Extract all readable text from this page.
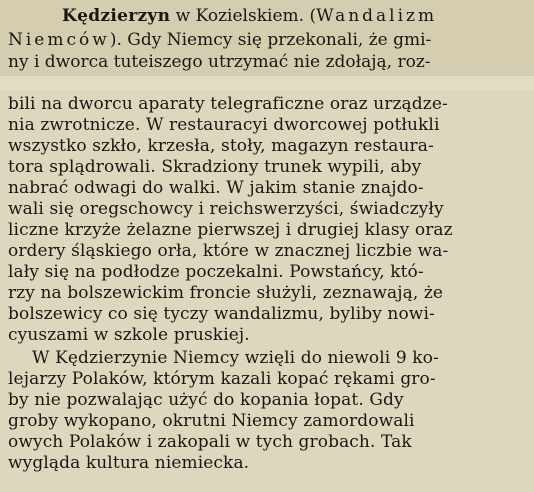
Kędzierzyn w Kozielskiem. (Wandalizm
Niemców). Gdy Niemcy się przekonali, że gmi-
ny i dworca tuteiszego utrzymać nie zdołają, roz-
bili na dworcu aparaty telegraficzne oraz urządze-
nia zwrotnicze. W restauracyi dworcowej potłukli
wszystko szkło, krzesła, stoły, magazyn restaura-
tora splądrowali. Skradziony trunek wypili, aby
nabrać odwagi do walki. W jakim stanie znajdo-
wali się oregschowcy i reichswerzyści, świadczyły
liczne krzyże żelazne pierwszej i drugiej klasy oraz
ordery śląskiego orła, które w znacznej liczbie wa-
lały się na podłodze poczekalni. Powstańcy, któ-
rzy na bolszewickim froncie służyli, zeznawają, że
bolszewicy co się tyczy wandalizmu, byliby nowi-
cyuszami w szkole pruskiej.
W Kędzierzynie Niemcy wzięli do niewoli 9 ko-
lejarzy Polaków, którym kazali kopać rękami gro-
by nie pozwalając użyć do kopania łopat. Gdy
groby wykopano, okrutni Niemcy zamordowali
owych Polaków i zakopali w tych grobach. Tak
wygląda kultura niemiecka.
